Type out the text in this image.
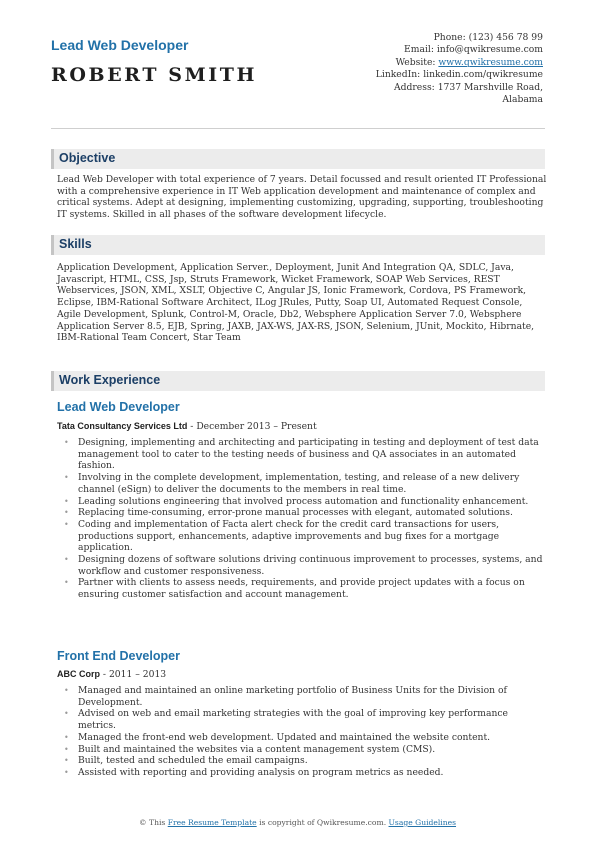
Lead Web Developer
ROBERT SMITH
Phone: (123) 456 78 99
Email: info@qwikresume.com
Website: www.qwikresume.com
LinkedIn: linkedin.com/qwikresume
Address: 1737 Marshville Road,
Alabama
Objective
Lead Web Developer with total experience of 7 years. Detail focussed and result oriented IT Professional with a comprehensive experience in IT Web application development and maintenance of complex and critical systems. Adept at designing, implementing customizing, upgrading, supporting, troubleshooting IT systems. Skilled in all phases of the software development lifecycle.
Skills
Application Development, Application Server., Deployment, Junit And Integration QA, SDLC, Java, Javascript, HTML, CSS, Jsp, Struts Framework, Wicket Framework, SOAP Web Services, REST Webservices, JSON, XML, XSLT, Objective C, Angular JS, Ionic Framework, Cordova, PS Framework, Eclipse, IBM-Rational Software Architect, ILog JRules, Putty, Soap UI, Automated Request Console, Agile Development, Splunk, Control-M, Oracle, Db2, Websphere Application Server 7.0, Websphere Application Server 8.5, EJB, Spring, JAXB, JAX-WS, JAX-RS, JSON, Selenium, JUnit, Mockito, Hibrnate, IBM-Rational Team Concert, Star Team
Work Experience
Lead Web Developer
Tata Consultancy Services Ltd - December 2013 – Present
• Designing, implementing and architecting and participating in testing and deployment of test data management tool to cater to the testing needs of business and QA associates in an automated fashion.
• Involving in the complete development, implementation, testing, and release of a new delivery channel (eSign) to deliver the documents to the members in real time.
• Leading solutions engineering that involved process automation and functionality enhancement.
• Replacing time-consuming, error-prone manual processes with elegant, automated solutions.
• Coding and implementation of Facta alert check for the credit card transactions for users, productions support, enhancements, adaptive improvements and bug fixes for a mortgage application.
• Designing dozens of software solutions driving continuous improvement to processes, systems, and workflow and customer responsiveness.
• Partner with clients to assess needs, requirements, and provide project updates with a focus on ensuring customer satisfaction and account management.
Front End Developer
ABC Corp - 2011 – 2013
• Managed and maintained an online marketing portfolio of Business Units for the Division of Development.
• Advised on web and email marketing strategies with the goal of improving key performance metrics.
• Managed the front-end web development. Updated and maintained the website content.
• Built and maintained the websites via a content management system (CMS).
• Built, tested and scheduled the email campaigns.
• Assisted with reporting and providing analysis on program metrics as needed.
© This Free Resume Template is copyright of Qwikresume.com. Usage Guidelines
